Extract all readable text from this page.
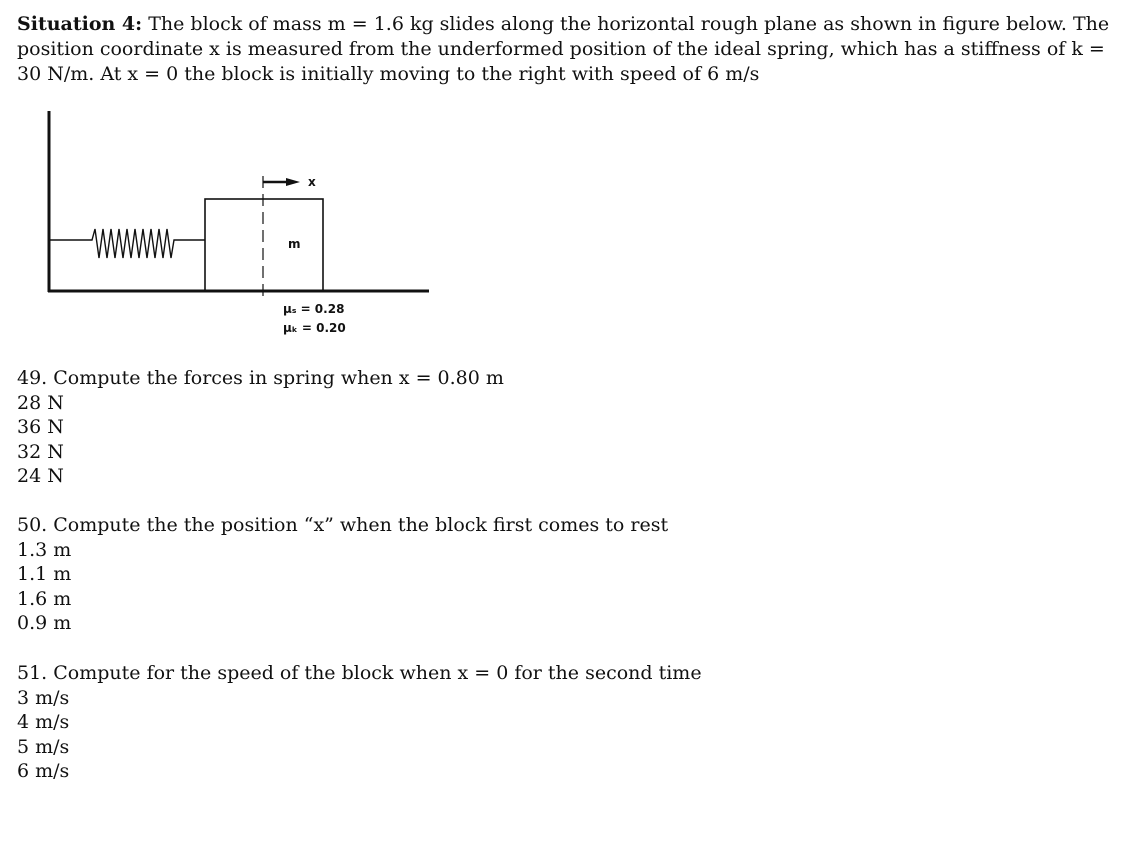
Situation 4: The block of mass m = 1.6 kg slides along the horizontal rough plane as shown in figure below. The position coordinate x is measured from the underformed position of the ideal spring, which has a stiffness of k = 30 N/m. At x = 0 the block is initially moving to the right with speed of 6 m/s

x
m
μₛ = 0.28
μₖ = 0.20
49. Compute the forces in spring when x = 0.80 m
28 N
36 N
32 N
24 N
50. Compute the the position “x” when the block first comes to rest
1.3 m
1.1 m
1.6 m
0.9 m
51. Compute for the speed of the block when x = 0 for the second time
3 m/s
4 m/s
5 m/s
6 m/s
